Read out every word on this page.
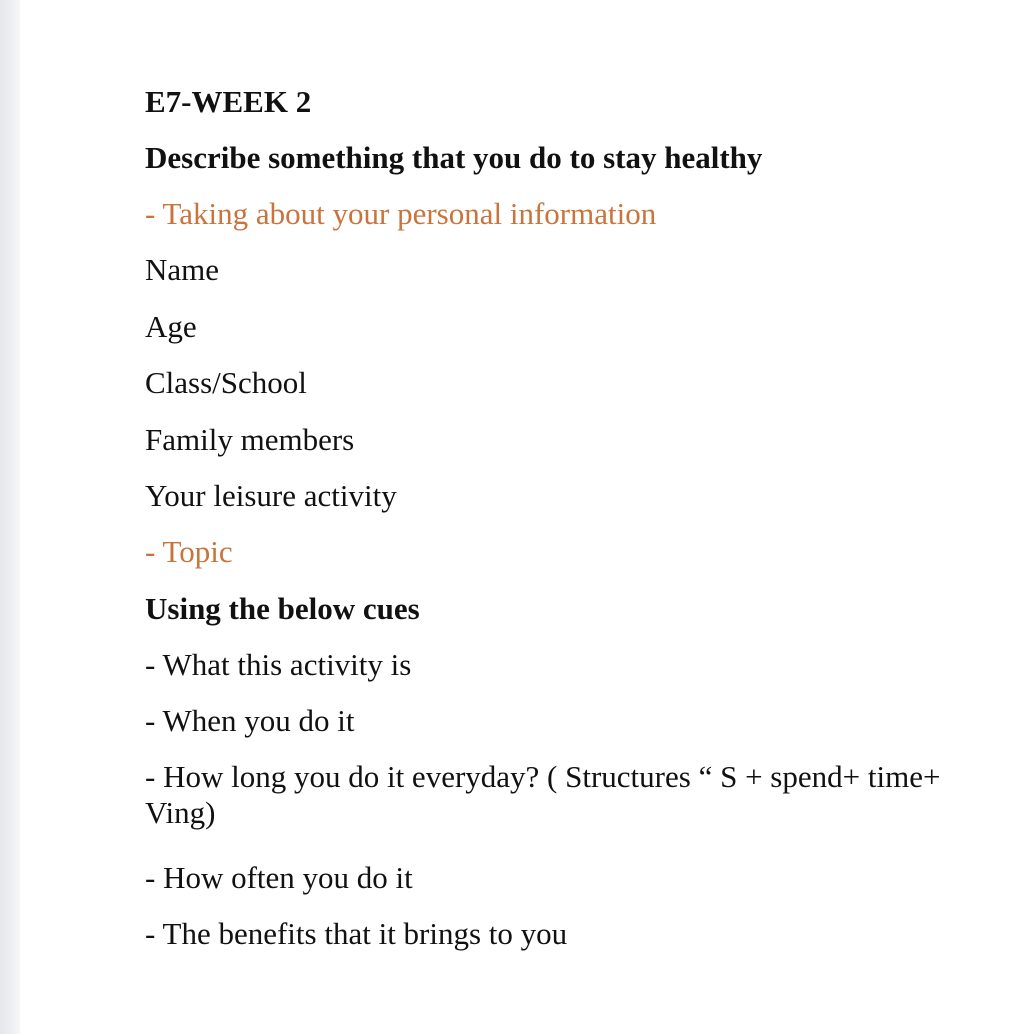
E7-WEEK 2
Describe something that you do to stay healthy
- Taking about your personal information
Name
Age
Class/School
Family members
Your leisure activity
- Topic
Using the below cues
- What this activity is
- When you do it
- How long you do it everyday? ( Structures “ S + spend+ time+ Ving)
- How often you do it
- The benefits that it brings to you
